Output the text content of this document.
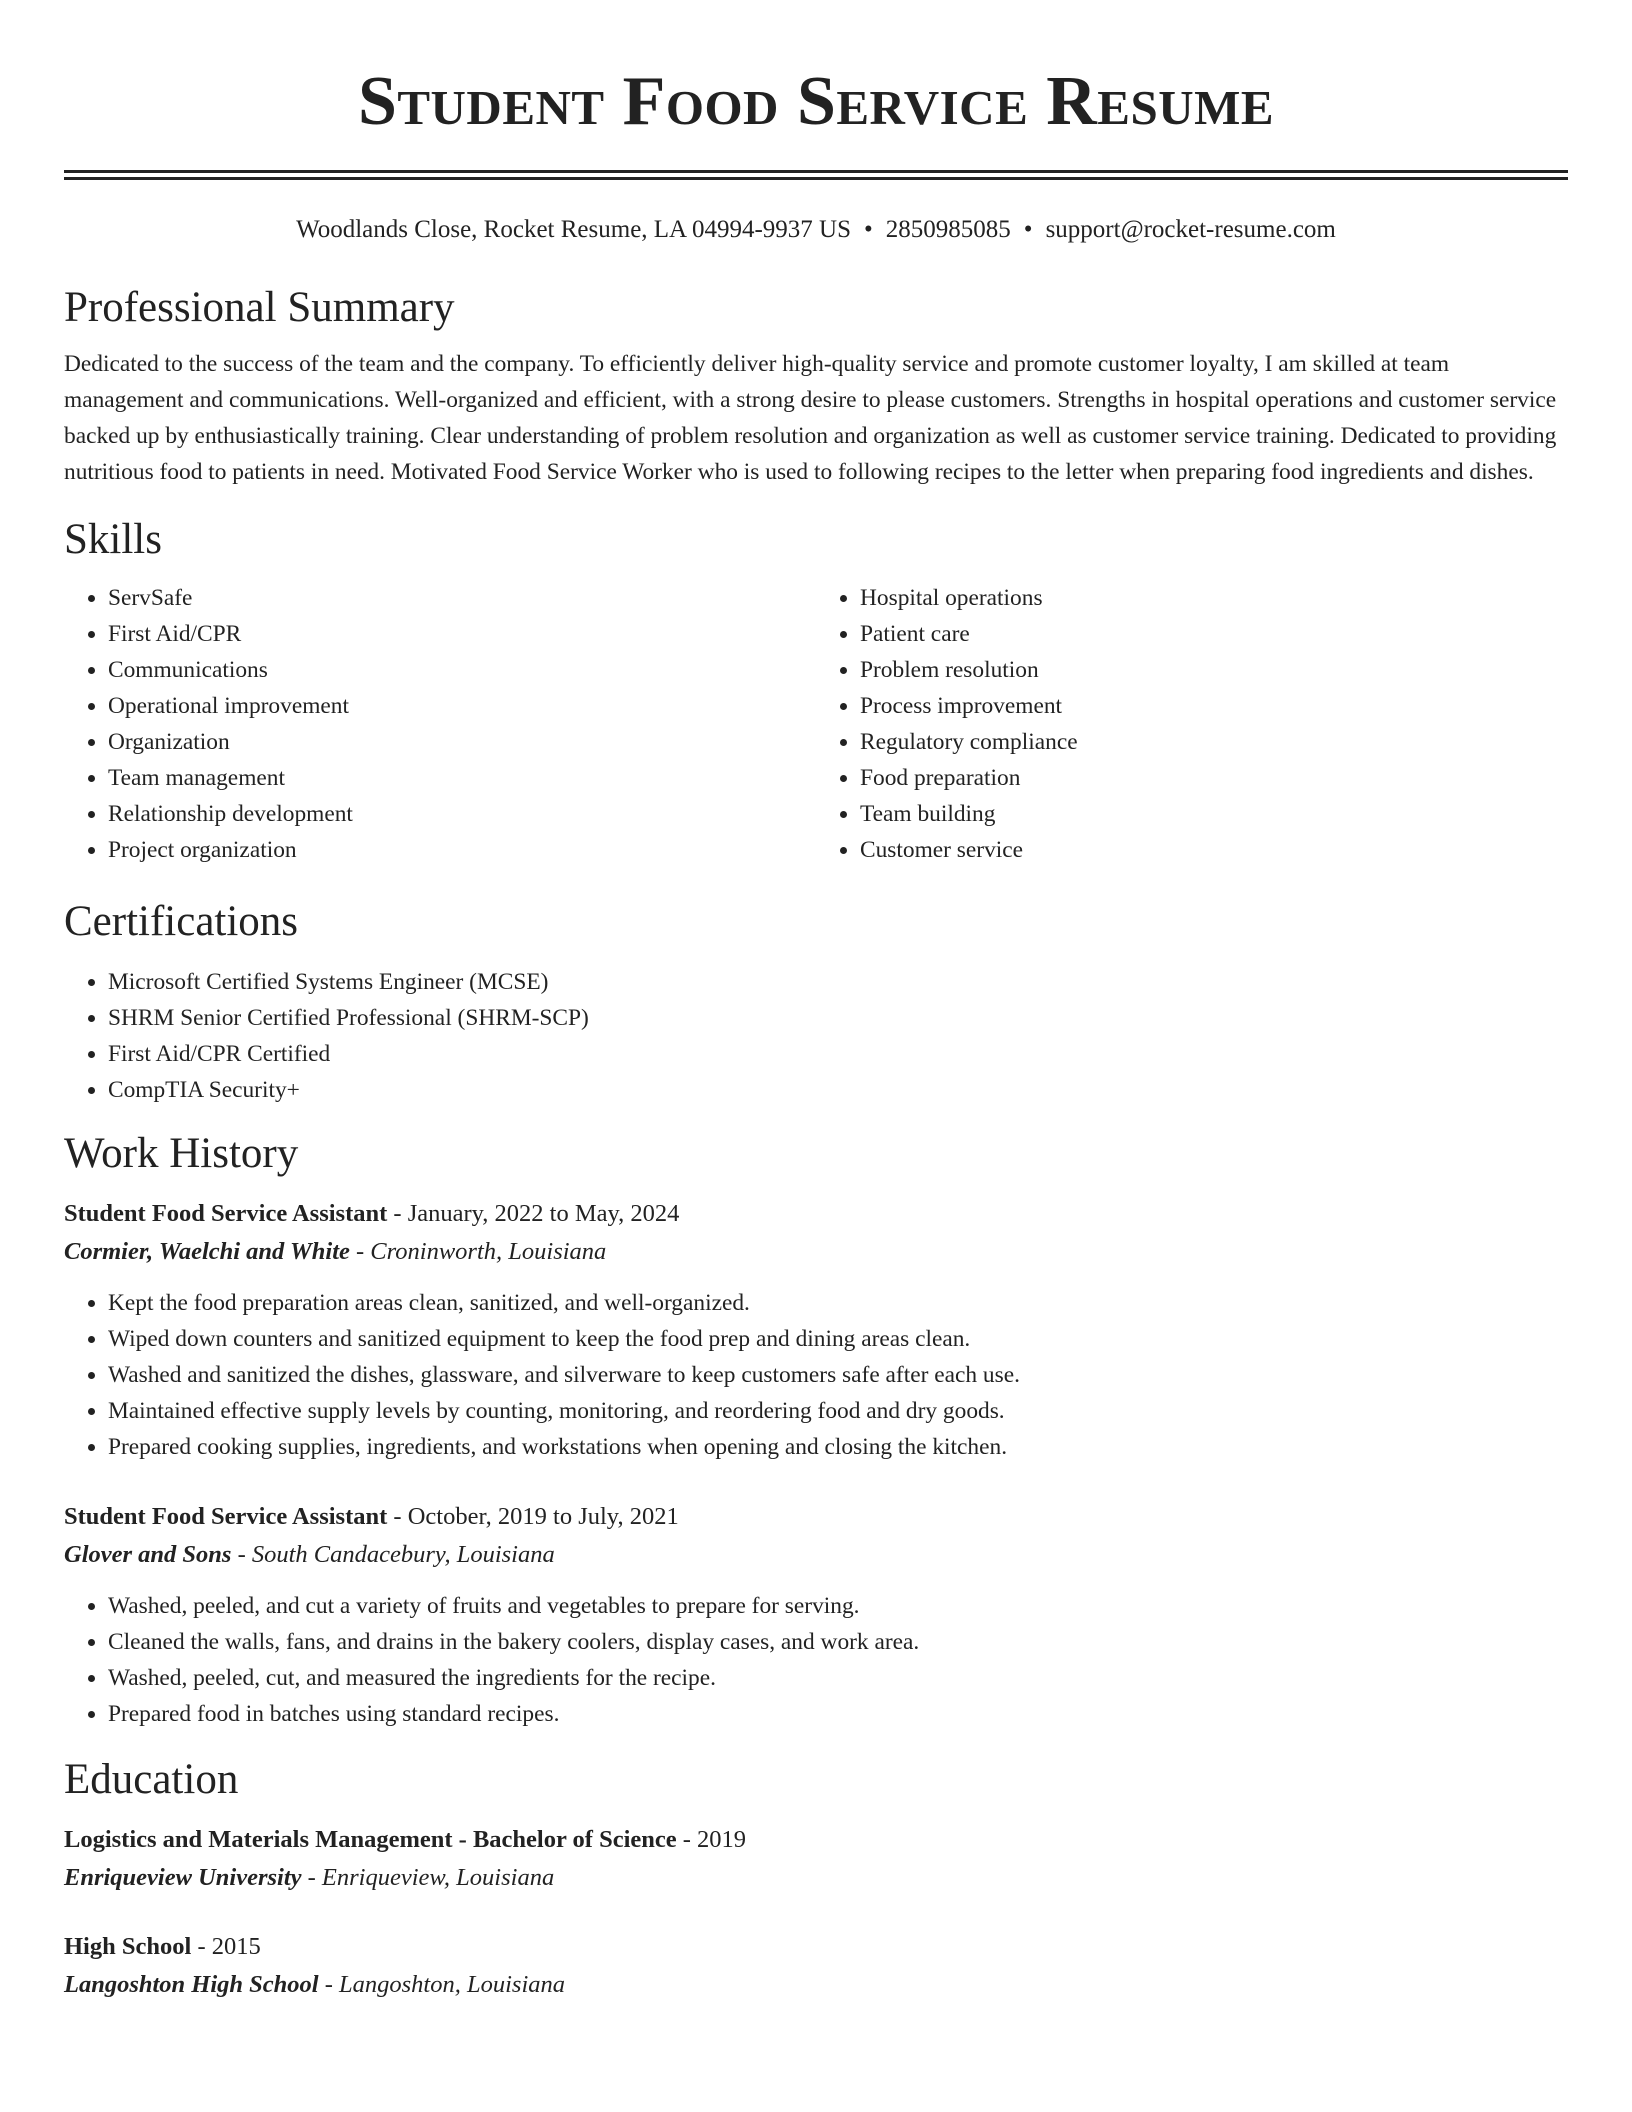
Student Food Service Resume
Woodlands Close, Rocket Resume, LA 04994-9937 US • 2850985085 • support@rocket-resume.com
Professional Summary

Dedicated to the success of the team and the company. To efficiently deliver high-quality service and promote customer loyalty, I am skilled at team management and communications. Well-organized and efficient, with a strong desire to please customers. Strengths in hospital operations and customer service backed up by enthusiastically training. Clear understanding of problem resolution and organization as well as customer service training. Dedicated to providing nutritious food to patients in need. Motivated Food Service Worker who is used to following recipes to the letter when preparing food ingredients and dishes.

Skills
• ServSafe
• First Aid/CPR
• Communications
• Operational improvement
• Organization
• Team management
• Relationship development
• Project organization
• Hospital operations
• Patient care
• Problem resolution
• Process improvement
• Regulatory compliance
• Food preparation
• Team building
• Customer service
Certifications
• Microsoft Certified Systems Engineer (MCSE)
• SHRM Senior Certified Professional (SHRM-SCP)
• First Aid/CPR Certified
• CompTIA Security+
Work History
Student Food Service Assistant - January, 2022 to May, 2024
Cormier, Waelchi and White - Croninworth, Louisiana
• Kept the food preparation areas clean, sanitized, and well-organized.
• Wiped down counters and sanitized equipment to keep the food prep and dining areas clean.
• Washed and sanitized the dishes, glassware, and silverware to keep customers safe after each use.
• Maintained effective supply levels by counting, monitoring, and reordering food and dry goods.
• Prepared cooking supplies, ingredients, and workstations when opening and closing the kitchen.
Student Food Service Assistant - October, 2019 to July, 2021
Glover and Sons - South Candacebury, Louisiana
• Washed, peeled, and cut a variety of fruits and vegetables to prepare for serving.
• Cleaned the walls, fans, and drains in the bakery coolers, display cases, and work area.
• Washed, peeled, cut, and measured the ingredients for the recipe.
• Prepared food in batches using standard recipes.
Education
Logistics and Materials Management - Bachelor of Science - 2019
Enriqueview University - Enriqueview, Louisiana
High School - 2015
Langoshton High School - Langoshton, Louisiana
